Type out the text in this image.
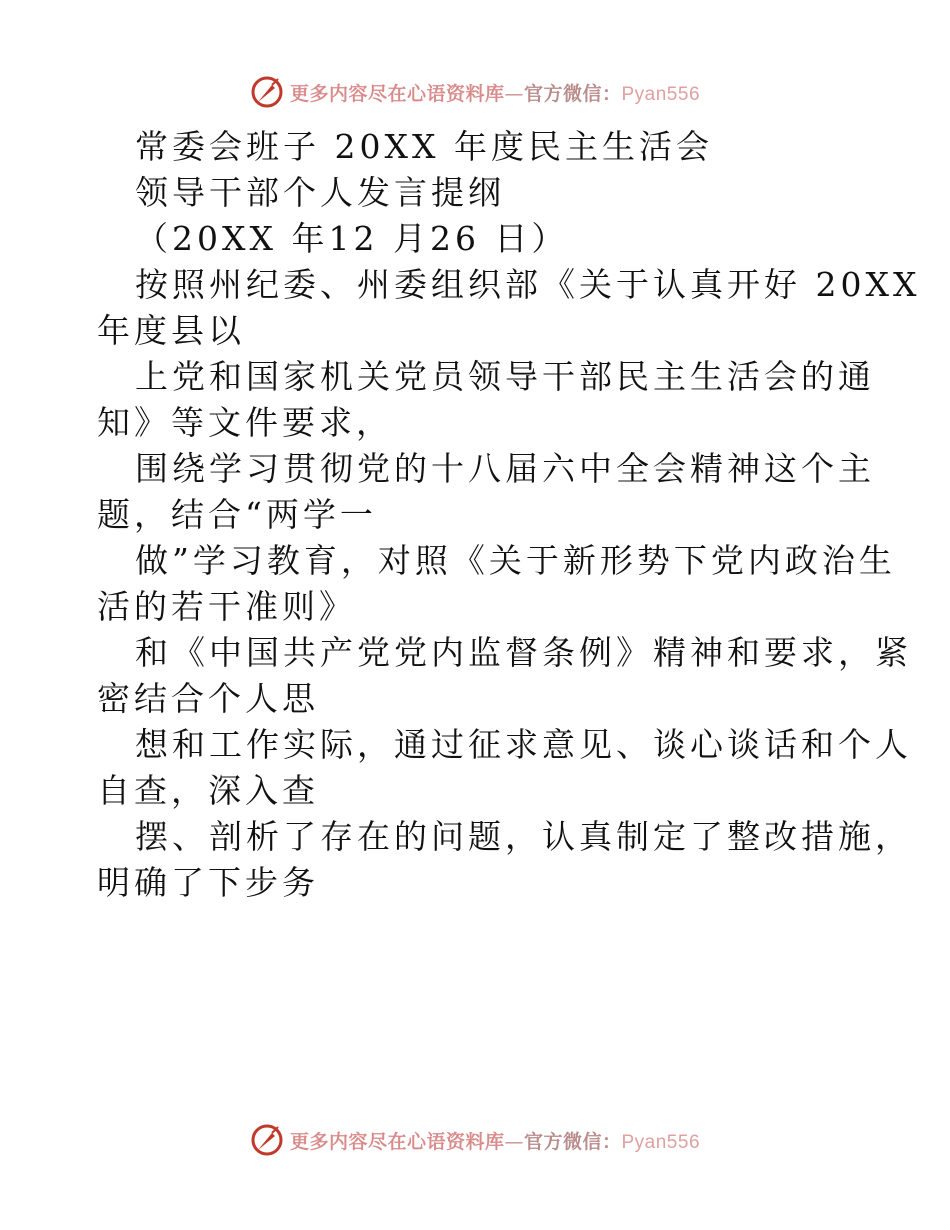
更多内容尽在心语资料库—官方微信：Pyan556
常委会班子 20XX 年度民主生活会
领导干部个人发言提纲
（20XX 年12 月26 日）
按照州纪委、州委组织部《关于认真开好 20XX
年度县以
上党和国家机关党员领导干部民主生活会的通
知》等文件要求，
围绕学习贯彻党的十八届六中全会精神这个主
题，结合“两学一
做”学习教育，对照《关于新形势下党内政治生
活的若干准则》
和《中国共产党党内监督条例》精神和要求，紧
密结合个人思
想和工作实际，通过征求意见、谈心谈话和个人
自查，深入查
摆、剖析了存在的问题，认真制定了整改措施，
明确了下步务
更多内容尽在心语资料库—官方微信：Pyan556
